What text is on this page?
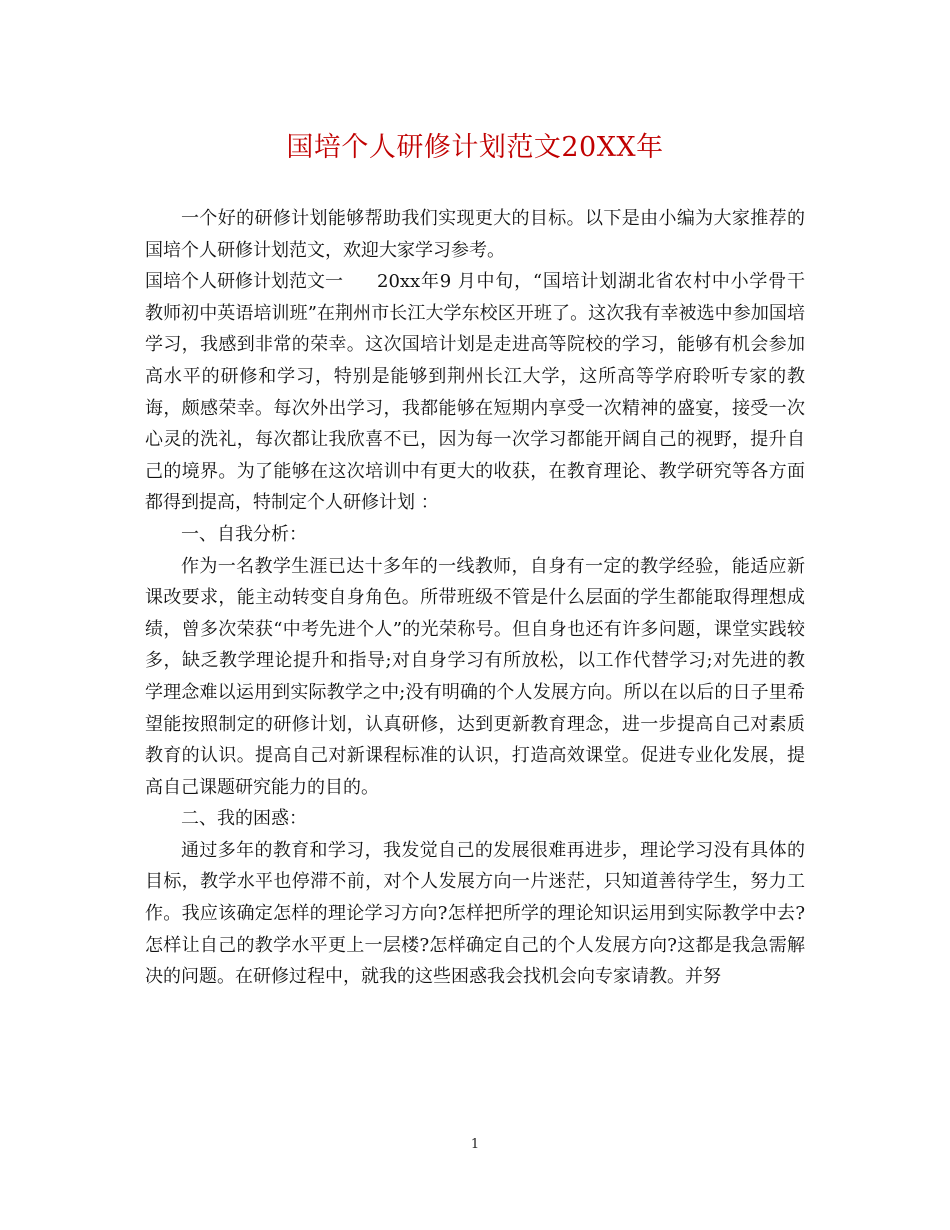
国培个人研修计划范文20XX年

一个好的研修计划能够帮助我们实现更大的目标。以下是由小编为大家推荐的国培个人研修计划范文，欢迎大家学习参考。

国培个人研修计划范文一 20xx年9 月中旬，“国培计划湖北省农村中小学骨干教师初中英语培训班”在荆州市长江大学东校区开班了。这次我有幸被选中参加国培学习，我感到非常的荣幸。这次国培计划是走进高等院校的学习，能够有机会参加高水平的研修和学习，特别是能够到荆州长江大学，这所高等学府聆听专家的教诲，颇感荣幸。每次外出学习，我都能够在短期内享受一次精神的盛宴，接受一次心灵的洗礼，每次都让我欣喜不已，因为每一次学习都能开阔自己的视野，提升自己的境界。为了能够在这次培训中有更大的收获，在教育理论、教学研究等各方面都得到提高，特制定个人研修计划 ：

一、自我分析：

作为一名教学生涯已达十多年的一线教师，自身有一定的教学经验，能适应新课改要求，能主动转变自身角色。所带班级不管是什么层面的学生都能取得理想成绩，曾多次荣获“中考先进个人”的光荣称号。但自身也还有许多问题，课堂实践较多，缺乏教学理论提升和指导;对自身学习有所放松，以工作代替学习;对先进的教学理念难以运用到实际教学之中;没有明确的个人发展方向。所以在以后的日子里希望能按照制定的研修计划，认真研修，达到更新教育理念，进一步提高自己对素质教育的认识。提高自己对新课程标准的认识，打造高效课堂。促进专业化发展，提高自己课题研究能力的目的。

二、我的困惑：

通过多年的教育和学习，我发觉自己的发展很难再进步，理论学习没有具体的目标，教学水平也停滞不前，对个人发展方向一片迷茫，只知道善待学生，努力工作。我应该确定怎样的理论学习方向?怎样把所学的理论知识运用到实际教学中去?怎样让自己的教学水平更上一层楼?怎样确定自己的个人发展方向?这都是我急需解决的问题。在研修过程中，就我的这些困惑我会找机会向专家请教。并努

1
